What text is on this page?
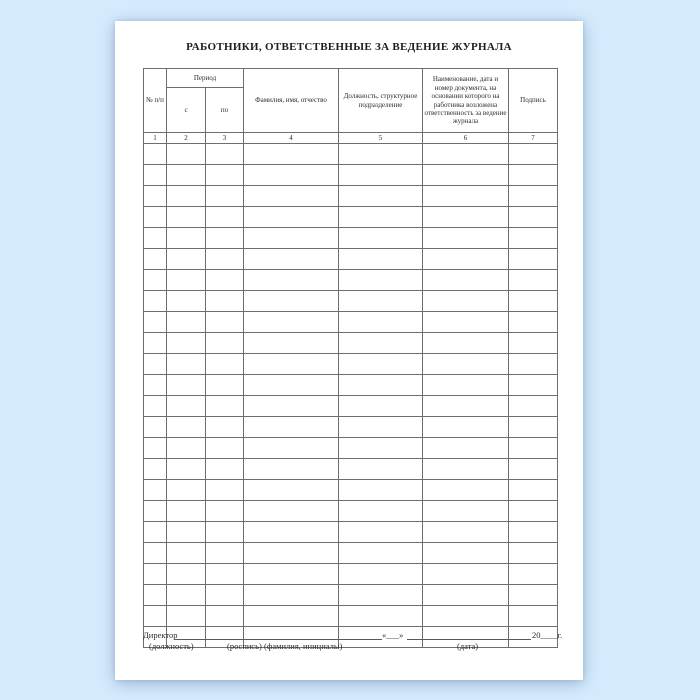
РАБОТНИКИ, ОТВЕТСТВЕННЫЕ ЗА ВЕДЕНИЕ ЖУРНАЛА
№ п/п	Период		Фамилия, имя, отчество	Должность, структурное подразделение	Наименование, дата и номер документа, на основании которого на работника возложена ответственность за ведение журнала	Подпись
	с	по				
1	2	3	4	5	6	7

Директор	«___»	20____г.
(должность)	(роспись) (фамилия, инициалы)	(дата)
